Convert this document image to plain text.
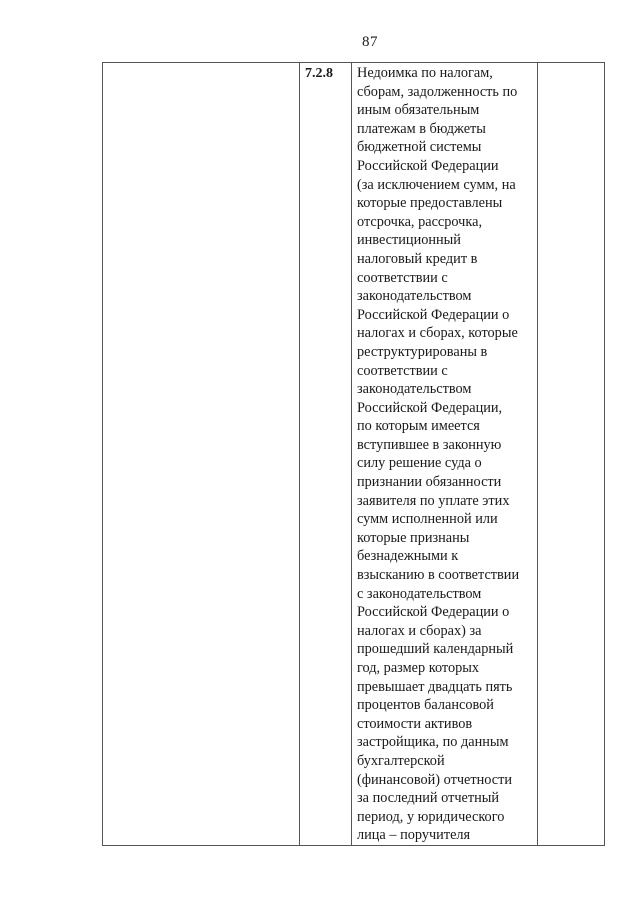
87

7.2.8	Недоимка по налогам,
сборам, задолженность по
иным обязательным
платежам в бюджеты
бюджетной системы
Российской Федерации
(за исключением сумм, на
которые предоставлены
отсрочка, рассрочка,
инвестиционный
налоговый кредит в
соответствии с
законодательством
Российской Федерации о
налогах и сборах, которые
реструктурированы в
соответствии с
законодательством
Российской Федерации,
по которым имеется
вступившее в законную
силу решение суда о
признании обязанности
заявителя по уплате этих
сумм исполненной или
которые признаны
безнадежными к
взысканию в соответствии
с законодательством
Российской Федерации о
налогах и сборах) за
прошедший календарный
год, размер которых
превышает двадцать пять
процентов балансовой
стоимости активов
застройщика, по данным
бухгалтерской
(финансовой) отчетности
за последний отчетный
период, у юридического
лица – поручителя
